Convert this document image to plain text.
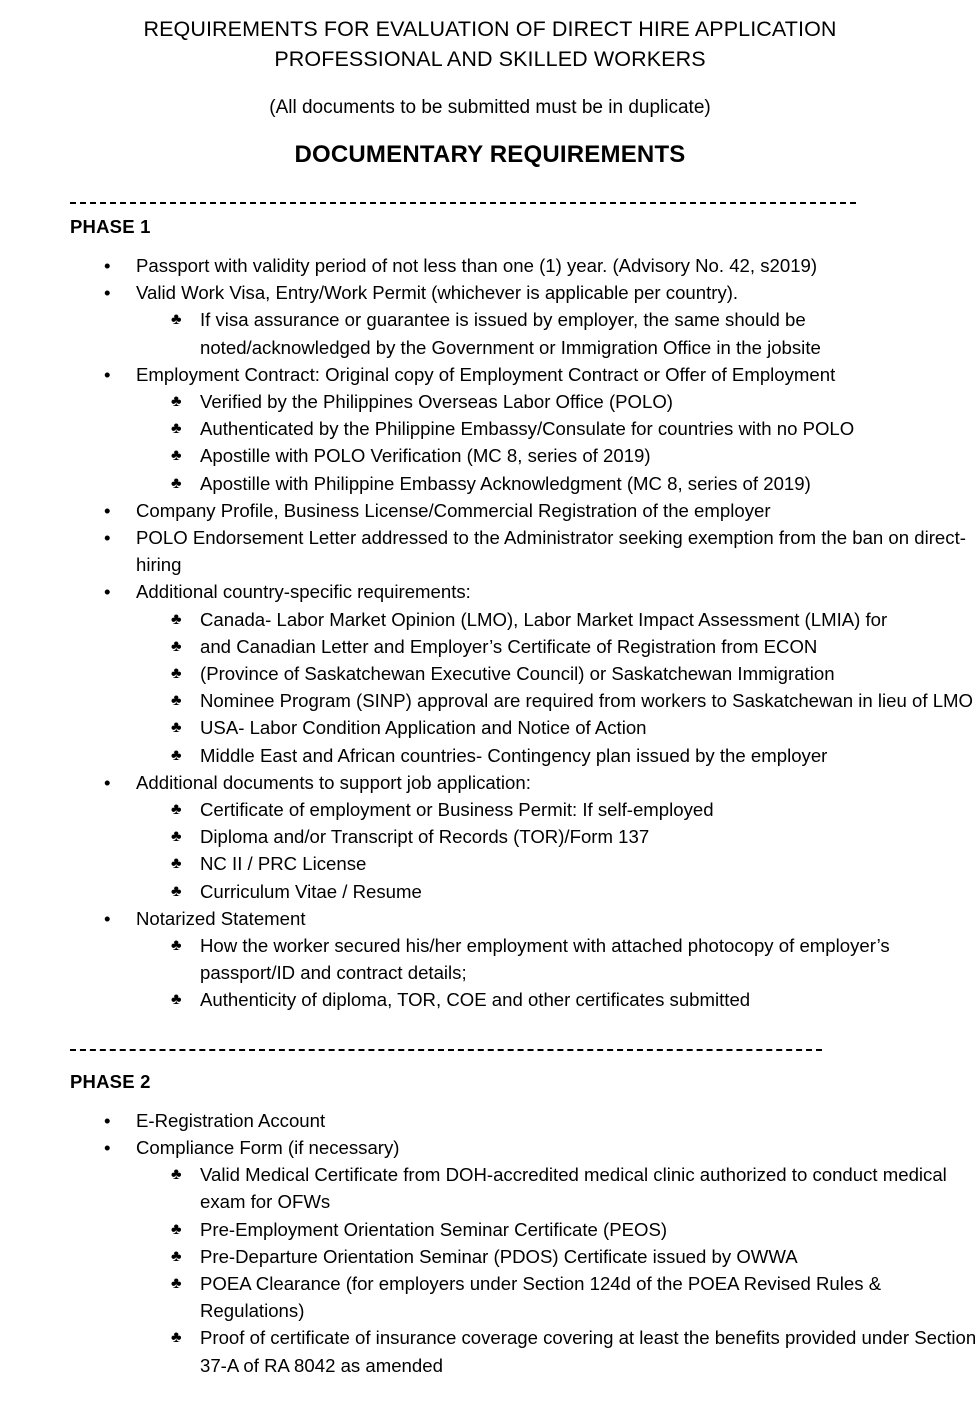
REQUIREMENTS FOR EVALUATION OF DIRECT HIRE APPLICATION
PROFESSIONAL AND SKILLED WORKERS
(All documents to be submitted must be in duplicate)
DOCUMENTARY REQUIREMENTS
PHASE 1
•	Passport with validity period of not less than one (1) year. (Advisory No. 42, s2019)
•	Valid Work Visa, Entry/Work Permit (whichever is applicable per country).
♣ If visa assurance or guarantee is issued by employer, the same should be noted/acknowledged by the Government or Immigration Office in the jobsite
•	Employment Contract: Original copy of Employment Contract or Offer of Employment
♣ Verified by the Philippines Overseas Labor Office (POLO)
♣ Authenticated by the Philippine Embassy/Consulate for countries with no POLO
♣ Apostille with POLO Verification (MC 8, series of 2019)
♣ Apostille with Philippine Embassy Acknowledgment (MC 8, series of 2019)
•	Company Profile, Business License/Commercial Registration of the employer
•	POLO Endorsement Letter addressed to the Administrator seeking exemption from the ban on direct-hiring
•	Additional country-specific requirements:
♣ Canada- Labor Market Opinion (LMO), Labor Market Impact Assessment (LMIA) for
♣ and Canadian Letter and Employer’s Certificate of Registration from ECON
♣ (Province of Saskatchewan Executive Council) or Saskatchewan Immigration
♣ Nominee Program (SINP) approval are required from workers to Saskatchewan in lieu of LMO
♣ USA- Labor Condition Application and Notice of Action
♣ Middle East and African countries- Contingency plan issued by the employer
•	Additional documents to support job application:
♣ Certificate of employment or Business Permit: If self-employed
♣ Diploma and/or Transcript of Records (TOR)/Form 137
♣ NC II / PRC License
♣ Curriculum Vitae / Resume
•	Notarized Statement
♣ How the worker secured his/her employment with attached photocopy of employer’s passport/ID and contract details;
♣ Authenticity of diploma, TOR, COE and other certificates submitted
PHASE 2
•	E-Registration Account
•	Compliance Form (if necessary)
♣ Valid Medical Certificate from DOH-accredited medical clinic authorized to conduct medical exam for OFWs
♣ Pre-Employment Orientation Seminar Certificate (PEOS)
♣ Pre-Departure Orientation Seminar (PDOS) Certificate issued by OWWA
♣ POEA Clearance (for employers under Section 124d of the POEA Revised Rules & Regulations)
♣ Proof of certificate of insurance coverage covering at least the benefits provided under Section 37-A of RA 8042 as amended
